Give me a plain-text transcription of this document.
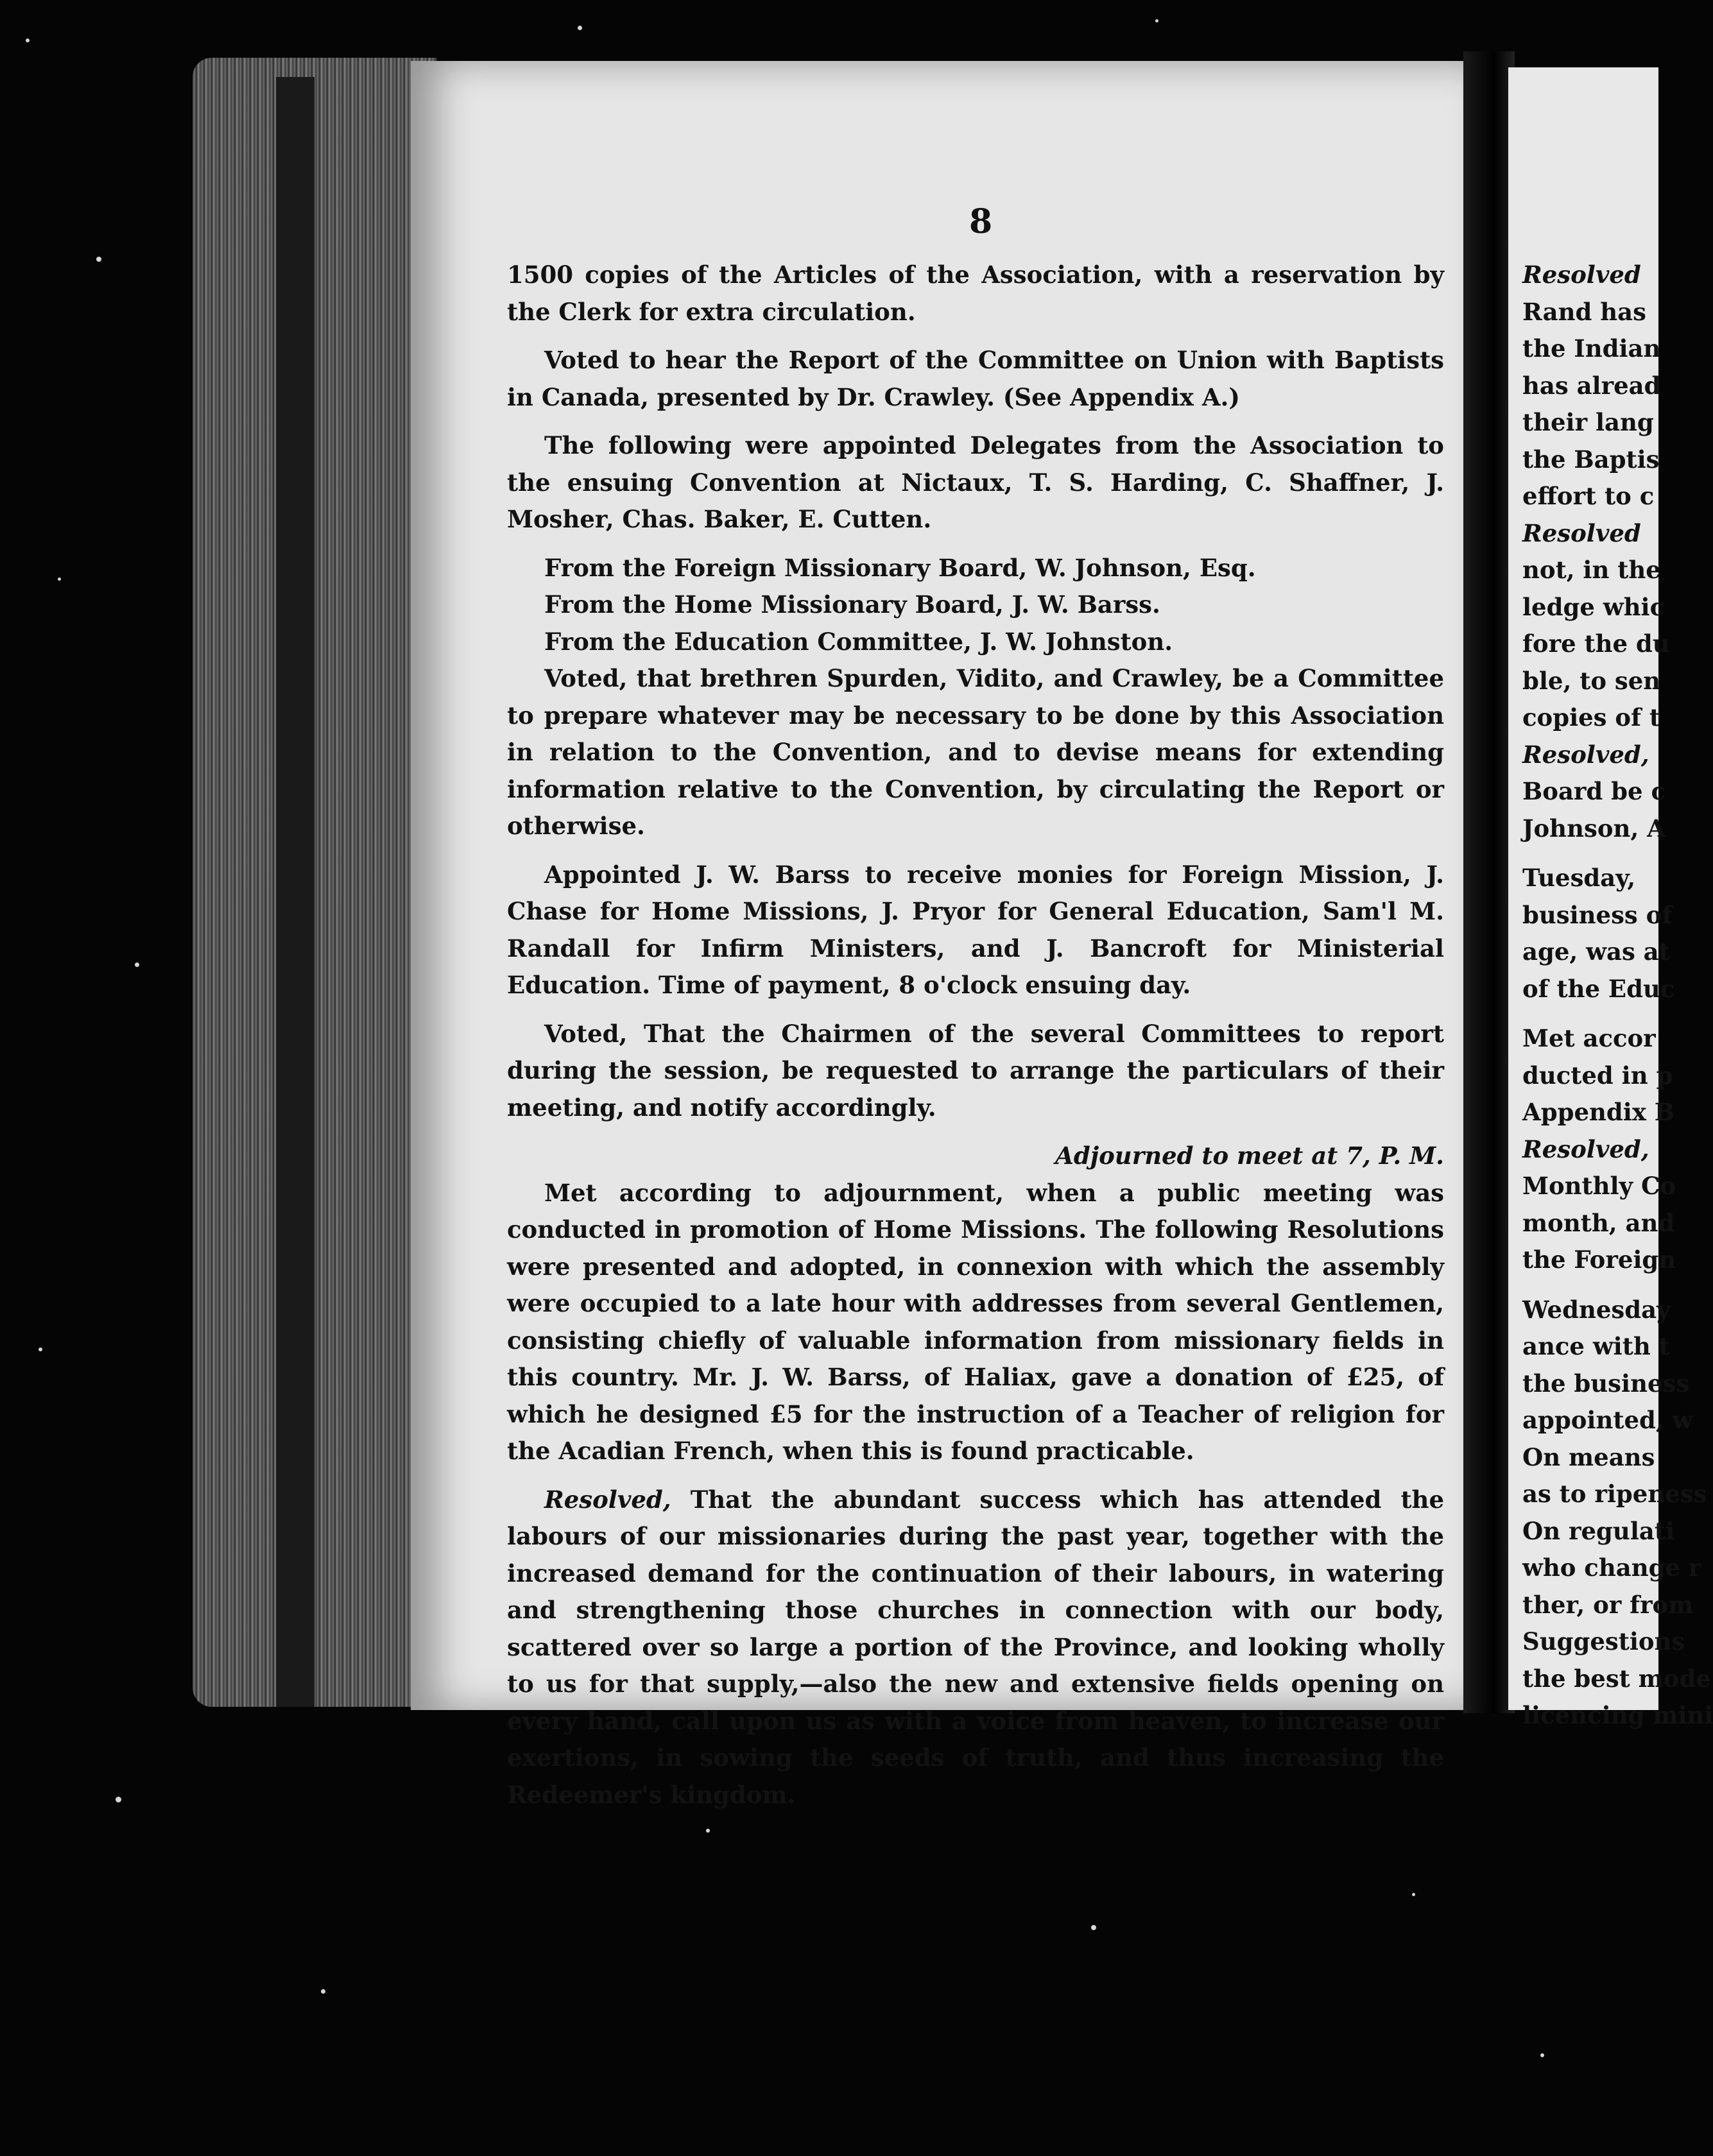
8

1500 copies of the Articles of the Association, with a reservation by the Clerk for extra circulation.

Voted to hear the Report of the Committee on Union with Baptists in Canada, presented by Dr. Crawley. (See Appendix A.)

The following were appointed Delegates from the Association to the ensuing Convention at Nictaux, T. S. Harding, C. Shaffner, J. Mosher, Chas. Baker, E. Cutten.

From the Foreign Missionary Board, W. Johnson, Esq.

From the Home Missionary Board, J. W. Barss.

From the Education Committee, J. W. Johnston.

Voted, that brethren Spurden, Vidito, and Crawley, be a Committee to prepare whatever may be necessary to be done by this Association in relation to the Convention, and to devise means for extending information relative to the Convention, by circulating the Report or otherwise.

Appointed J. W. Barss to receive monies for Foreign Mission, J. Chase for Home Missions, J. Pryor for General Education, Sam'l M. Randall for Infirm Ministers, and J. Bancroft for Ministerial Education. Time of payment, 8 o'clock ensuing day.

Voted, That the Chairmen of the several Committees to report during the session, be requested to arrange the particulars of their meeting, and notify accordingly.

Adjourned to meet at 7, P. M.

Met according to adjournment, when a public meeting was conducted in promotion of Home Missions. The following Resolutions were presented and adopted, in connexion with which the assembly were occupied to a late hour with addresses from several Gentlemen, consisting chiefly of valuable information from missionary fields in this country. Mr. J. W. Barss, of Haliax, gave a donation of £25, of which he designed £5 for the instruction of a Teacher of religion for the Acadian French, when this is found practicable.

Resolved, That the abundant success which has attended the labours of our missionaries during the past year, together with the increased demand for the continuation of their labours, in watering and strengthening those churches in connection with our body, scattered over so large a portion of the Province, and looking wholly to us for that supply,—also the new and extensive fields opening on every hand, call upon us as with a voice from heaven, to increase our exertions, in sowing the seeds of truth, and thus increasing the Redeemer's kingdom.

Resolved
Rand has
the Indian
has alread
their lang
the Baptis
effort to c
Resolved
not, in the
ledge whic
fore the du
ble, to sen
copies of t
Resolved,
Board be c
Johnson, A
Tuesday,
business of
age, was at
of the Educ
Met accor
ducted in p
Appendix B
Resolved,
Monthly Co
month, and
the Foreign
Wednesday
ance with t
the business
appointed, w
On means
as to ripeness
On regulati
who change r
ther, or from
Suggestions
the best mode
licencing mini
